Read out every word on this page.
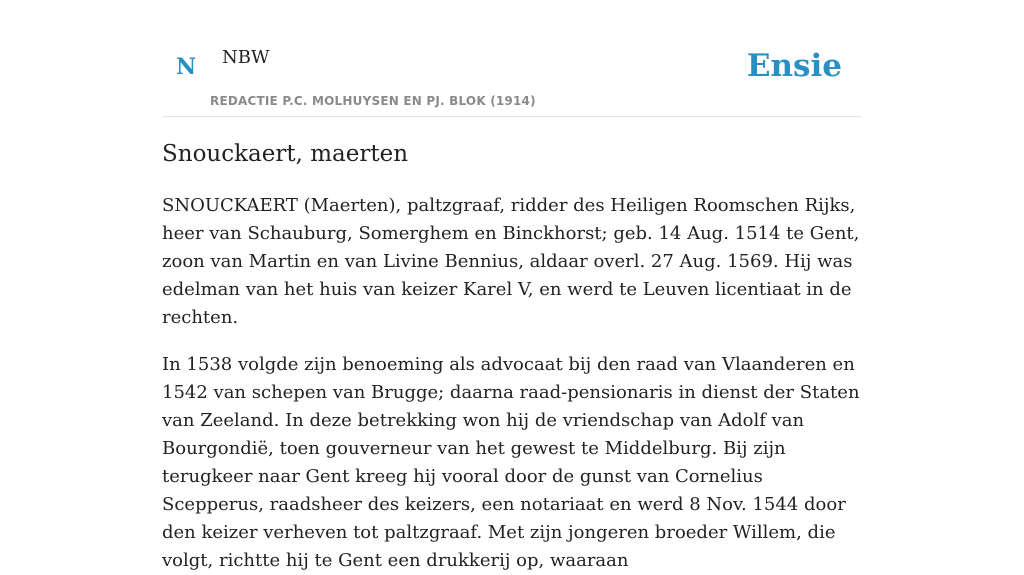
N NBW
REDACTIE P.C. MOLHUYSEN EN PJ. BLOK (1914)
Ensie
Snouckaert, maerten

SNOUCKAERT (Maerten), paltzgraaf, ridder des Heiligen Roomschen Rijks, heer van Schauburg, Somerghem en Binckhorst; geb. 14 Aug. 1514 te Gent, zoon van Martin en van Livine Bennius, aldaar overl. 27 Aug. 1569. Hij was edelman van het huis van keizer Karel V, en werd te Leuven licentiaat in de rechten.

In 1538 volgde zijn benoeming als advocaat bij den raad van Vlaanderen en 1542 van schepen van Brugge; daarna raad-pensionaris in dienst der Staten van Zeeland. In deze betrekking won hij de vriendschap van Adolf van Bourgondië, toen gouverneur van het gewest te Middelburg. Bij zijn terugkeer naar Gent kreeg hij vooral door de gunst van Cornelius Scepperus, raadsheer des keizers, een notariaat en werd 8 Nov. 1544 door den keizer verheven tot paltzgraaf. Met zijn jongeren broeder Willem, die volgt, richtte hij te Gent een drukkerij op, waaraan
